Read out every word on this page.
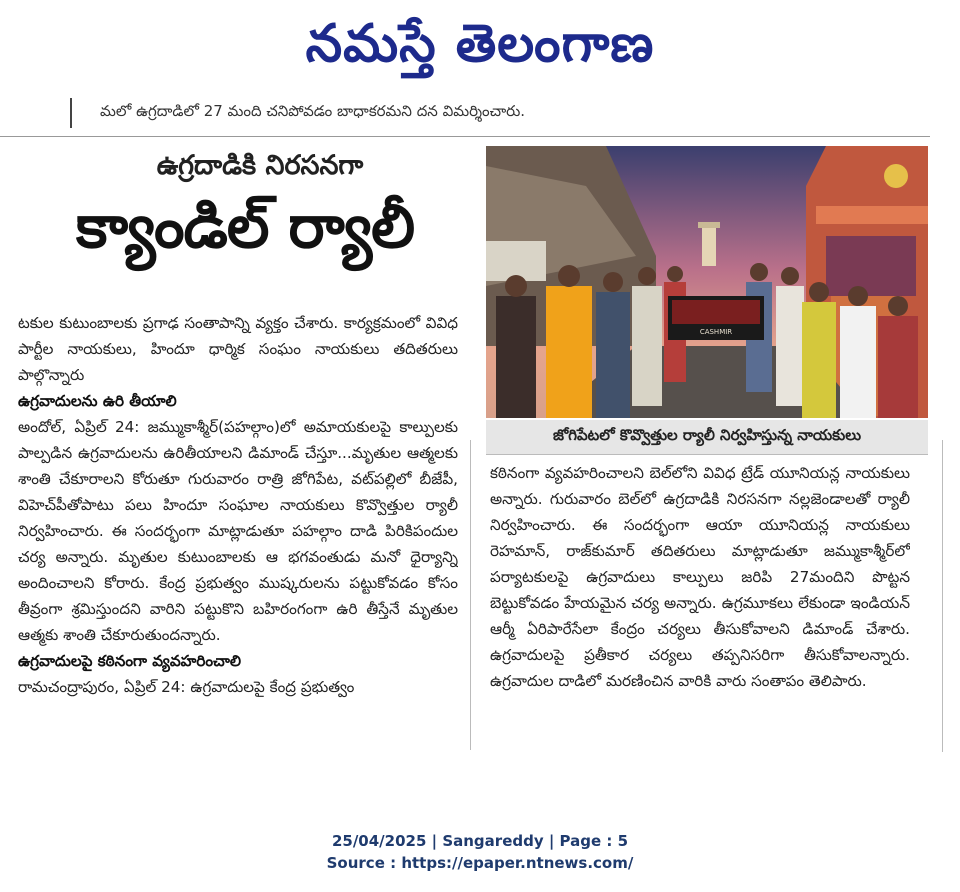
నమస్తే తెలంగాణ
మలో ఉగ్రదాడిలో 27 మంది చనిపోవడం బాధాకరమని దన విమర్శించారు.
ఉగ్రదాడికి నిరసనగా
క్యాండిల్ ర్యాలీ

టకుల కుటుంబాలకు ప్రగాఢ సంతాపాన్ని వ్యక్తం చేశారు. కార్యక్రమంలో వివిధ పార్టీల నాయకులు, హిందూ ధార్మిక సంఘం నాయకులు తదితరులు పాల్గొన్నారు

ఉగ్రవాదులను ఉరి తీయాలి

అందోల్, ఏప్రిల్ 24: జమ్ముకాశ్మీర్(పహల్గాం)లో అమాయకులపై కాల్పులకు పాల్పడిన ఉగ్రవాదులను ఉరితీయాలని డిమాండ్ చేస్తూ...మృతుల ఆత్మలకు శాంతి చేకూరాలని కోరుతూ గురువారం రాత్రి జోగిపేట, వట్‌పల్లిలో బీజేపీ, విహెచ్‌పీతోపాటు పలు హిందూ సంఘాల నాయకులు కొవ్వొత్తుల ర్యాలీ నిర్వహించారు. ఈ సందర్భంగా మాట్లాడుతూ పహల్గాం దాడి పిరికిపందుల చర్య అన్నారు. మృతుల కుటుంబాలకు ఆ భగవంతుడు మనో ధైర్యాన్ని అందించాలని కోరారు. కేంద్ర ప్రభుత్వం ముష్కరులను పట్టుకోవడం కోసం తీవ్రంగా శ్రమిస్తుందని వారిని పట్టుకొని బహిరంగంగా ఉరి తీస్తేనే మృతుల ఆత్మకు శాంతి చేకూరుతుందన్నారు.

ఉగ్రవాదులపై కఠినంగా వ్యవహరించాలి

రామచంద్రాపురం, ఏప్రిల్ 24: ఉగ్రవాదులపై కేంద్ర ప్రభుత్వం

CASHMIR
జోగిపేటలో కొవ్వొత్తుల ర్యాలీ నిర్వహిస్తున్న నాయకులు

కఠినంగా వ్యవహరించాలని బెల్‌లోని వివిధ ట్రేడ్ యూనియన్ల నాయకులు అన్నారు. గురువారం బెల్‌లో ఉగ్రదాడికి నిరసనగా నల్లజెండాలతో ర్యాలీ నిర్వహించారు. ఈ సందర్భంగా ఆయా యూనియన్ల నాయకులు రెహమాన్, రాజ్‌కుమార్ తదితరులు మాట్లాడుతూ జమ్ముకాశ్మీర్‌లో పర్యాటకులపై ఉగ్రవాదులు కాల్పులు జరిపి 27మందిని పొట్టన బెట్టుకోవడం హేయమైన చర్య అన్నారు. ఉగ్రమూకలు లేకుండా ఇండియన్ ఆర్మీ ఏరిపారేసేలా కేంద్రం చర్యలు తీసుకోవాలని డిమాండ్ చేశారు. ఉగ్రవాదులపై ప్రతీకార చర్యలు తప్పనిసరిగా తీసుకోవాలన్నారు. ఉగ్రవాదుల దాడిలో మరణించిన వారికి వారు సంతాపం తెలిపారు.

25/04/2025 | Sangareddy | Page : 5
Source : https://epaper.ntnews.com/
